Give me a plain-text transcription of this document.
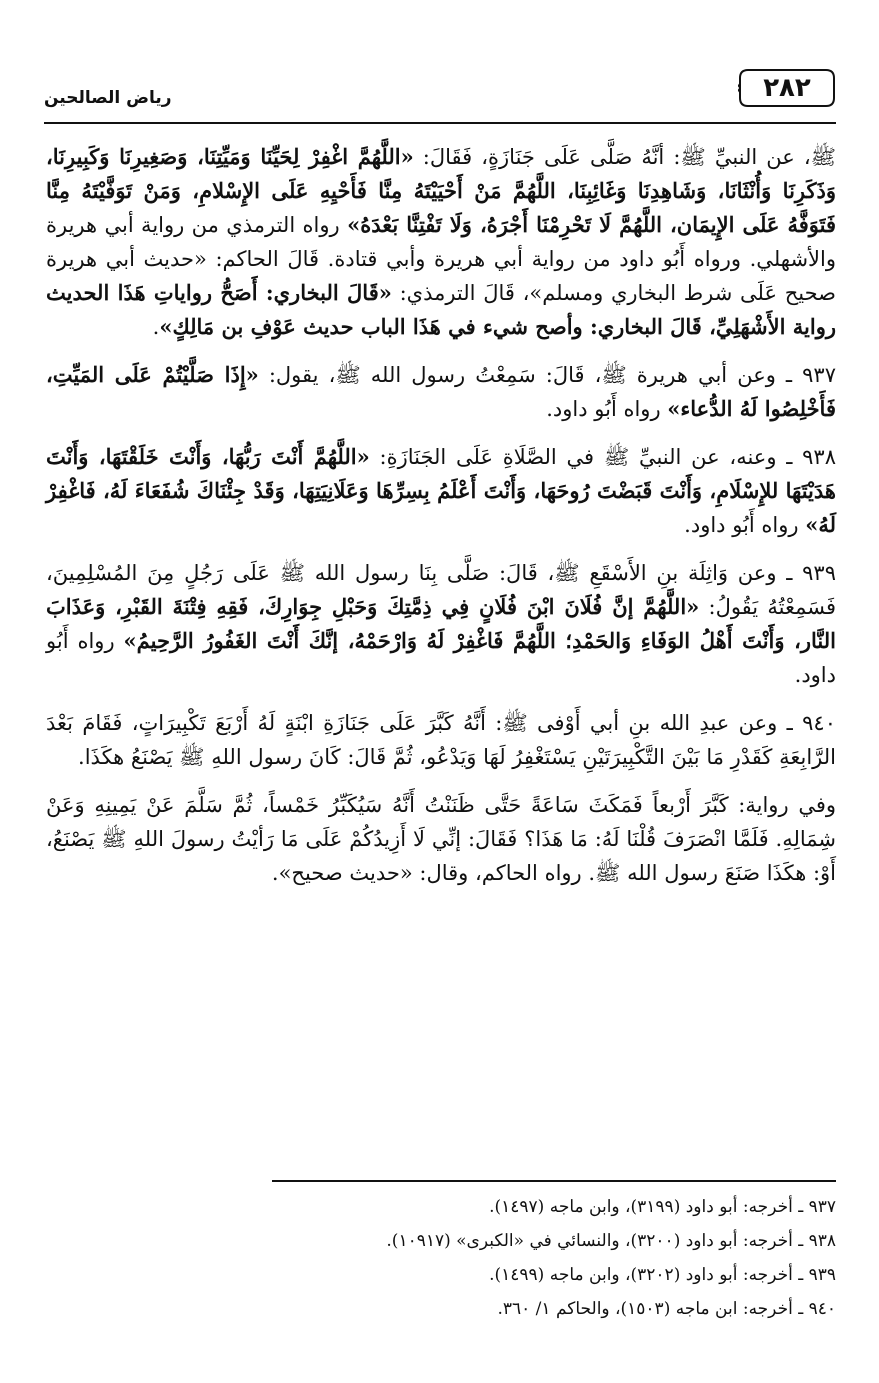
٢٨٢
رياض الصالحين

ﷺ، عن النبيِّ ﷺ: أنَّهُ صَلَّى عَلَى جَنَازَةٍ، فَقَالَ: «اللَّهُمَّ اغْفِرْ لِحَيِّنَا وَمَيِّتِنَا، وَصَغِيرِنَا وَكَبِيرِنَا، وَذَكَرِنَا وَأُنْثَانَا، وَشَاهِدِنَا وَغَائِبِنَا، اللَّهُمَّ مَنْ أَحْيَيْتَهُ مِنَّا فَأَحْيِهِ عَلَى الإِسْلامِ، وَمَنْ تَوَفَّيْتَهُ مِنَّا فَتَوَفَّهُ عَلَى الإِيمَان، اللَّهُمَّ لَا تَحْرِمْنَا أَجْرَهُ، وَلَا تَفْتِنَّا بَعْدَهُ» رواه الترمذي من رواية أبي هريرة والأشهلي. ورواه أَبُو داود من رواية أبي هريرة وأبي قتادة. قَالَ الحاكم: «حديث أبي هريرة صحيح عَلَى شرط البخاري ومسلم»، قَالَ الترمذي: «قَالَ البخاري: أَصَحُّ رواياتِ هَذَا الحديث رواية الأَشْهَلِيِّ، قَالَ البخاري: وأصح شيء في هَذَا الباب حديث عَوْفِ بن مَالِكٍ».

٩٣٧ ـ وعن أبي هريرة ﷺ، قَالَ: سَمِعْتُ رسول الله ﷺ، يقول: «إِذَا صَلَّيْتُمْ عَلَى المَيِّتِ، فَأَخْلِصُوا لَهُ الدُّعاء» رواه أَبُو داود.

٩٣٨ ـ وعنه، عن النبيِّ ﷺ في الصَّلَاةِ عَلَى الجَنَازَةِ: «اللَّهُمَّ أَنْتَ رَبُّهَا، وَأَنْتَ خَلَقْتَهَا، وَأَنْتَ هَدَيْتَهَا للإِسْلَامِ، وَأَنْتَ قَبَضْتَ رُوحَهَا، وَأَنْتَ أَعْلَمُ بِسِرِّهَا وَعَلَانِيَتِهَا، وَقَدْ جِئْنَاكَ شُفَعَاءَ لَهُ، فَاغْفِرْ لَهُ» رواه أَبُو داود.

٩٣٩ ـ وعن وَاثِلَة بنِ الأَسْقَعِ ﷺ، قَالَ: صَلَّى بِنَا رسول الله ﷺ عَلَى رَجُلٍ مِنَ المُسْلِمِينَ، فَسَمِعْتُهُ يَقُولُ: «اللَّهُمَّ إنَّ فُلَانَ ابْنَ فُلَانٍ فِي ذِمَّتِكَ وَحَبْلِ جِوَارِكَ، فَقِهِ فِتْنَةَ القَبْرِ، وَعَذَابَ النَّار، وَأَنْتَ أَهْلُ الوَفَاءِ وَالحَمْدِ؛ اللَّهُمَّ فَاغْفِرْ لَهُ وَارْحَمْهُ، إنَّكَ أَنْتَ الغَفُورُ الرَّحِيمُ» رواه أَبُو داود.

٩٤٠ ـ وعن عبدِ الله بنِ أبي أَوْفى ﷺ: أَنَّهُ كَبَّرَ عَلَى جَنَازَةِ ابْنَةٍ لَهُ أَرْبَعَ تَكْبِيرَاتٍ، فَقَامَ بَعْدَ الرَّابِعَةِ كَقَدْرِ مَا بَيْنَ التَّكْبِيرَتَيْنِ يَسْتَغْفِرُ لَهَا وَيَدْعُو، ثُمَّ قَالَ: كَانَ رسول اللهِ ﷺ يَصْنَعُ هكَذَا.

وفي رواية: كَبَّرَ أَرْبعاً فَمَكَثَ سَاعَةً حَتَّى ظَنَنْتُ أَنَّهُ سَيُكَبِّرُ خَمْساً، ثُمَّ سَلَّمَ عَنْ يَمِينِهِ وَعَنْ شِمَالِهِ. فَلَمَّا انْصَرَفَ قُلْنَا لَهُ: مَا هَذَا؟ فَقَالَ: إنِّي لَا أَزِيدُكُمْ عَلَى مَا رَأيْتُ رسولَ اللهِ ﷺ يَصْنَعُ، أَوْ: هكَذَا صَنَعَ رسول الله ﷺ. رواه الحاكم، وقال: «حديث صحيح».

٩٣٧ ـ أخرجه: أبو داود (٣١٩٩)، وابن ماجه (١٤٩٧).
٩٣٨ ـ أخرجه: أبو داود (٣٢٠٠)، والنسائي في «الكبرى» (١٠٩١٧).
٩٣٩ ـ أخرجه: أبو داود (٣٢٠٢)، وابن ماجه (١٤٩٩).
٩٤٠ ـ أخرجه: ابن ماجه (١٥٠٣)، والحاكم ١/ ٣٦٠.
